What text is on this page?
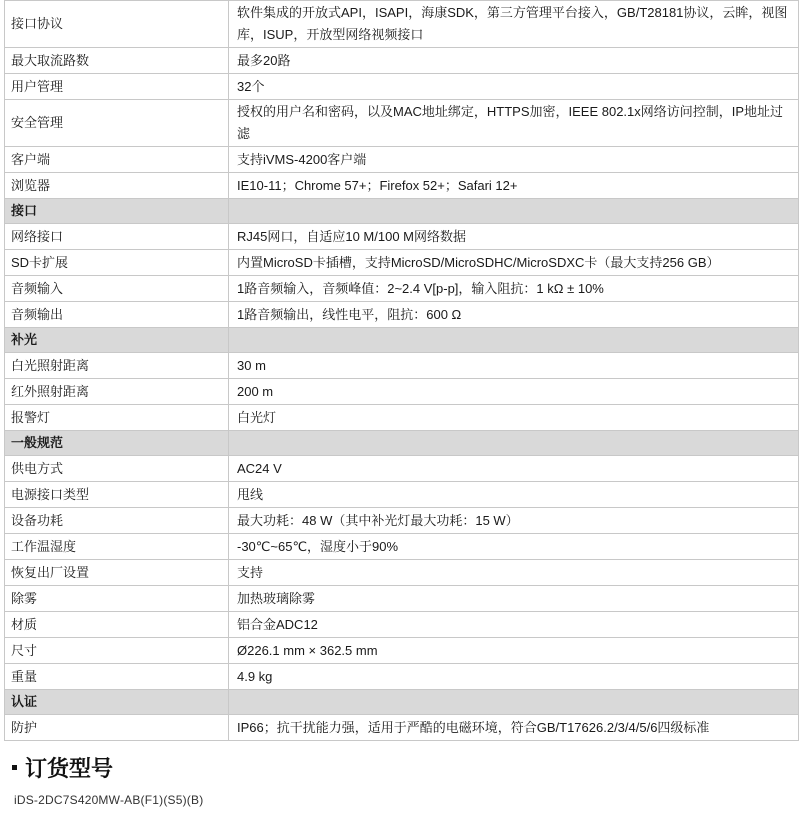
接口协议	软件集成的开放式API，ISAPI，海康SDK，第三方管理平台接入，GB/T28181协议，云眸，视图库，ISUP，开放型网络视频接口
最大取流路数	最多20路
用户管理	32个
安全管理	授权的用户名和密码，以及MAC地址绑定，HTTPS加密，IEEE 802.1x网络访问控制，IP地址过滤
客户端	支持iVMS-4200客户端
浏览器	IE10-11；Chrome 57+；Firefox 52+；Safari 12+
接口	
网络接口	RJ45网口，自适应10 M/100 M网络数据
SD卡扩展	内置MicroSD卡插槽，支持MicroSD/MicroSDHC/MicroSDXC卡（最大支持256 GB）
音频输入	1路音频输入，音频峰值：2~2.4 V[p-p]，输入阻抗：1 kΩ ± 10%
音频输出	1路音频输出，线性电平，阻抗：600 Ω
补光	
白光照射距离	30 m
红外照射距离	200 m
报警灯	白光灯
一般规范	
供电方式	AC24 V
电源接口类型	甩线
设备功耗	最大功耗：48 W（其中补光灯最大功耗：15 W）
工作温湿度	-30℃~65℃，湿度小于90%
恢复出厂设置	支持
除雾	加热玻璃除雾
材质	铝合金ADC12
尺寸	Ø226.1 mm × 362.5 mm
重量	4.9 kg
认证	
防护	IP66；抗干扰能力强，适用于严酷的电磁环境，符合GB/T17626.2/3/4/5/6四级标准
订货型号
iDS-2DC7S420MW-AB(F1)(S5)(B)
